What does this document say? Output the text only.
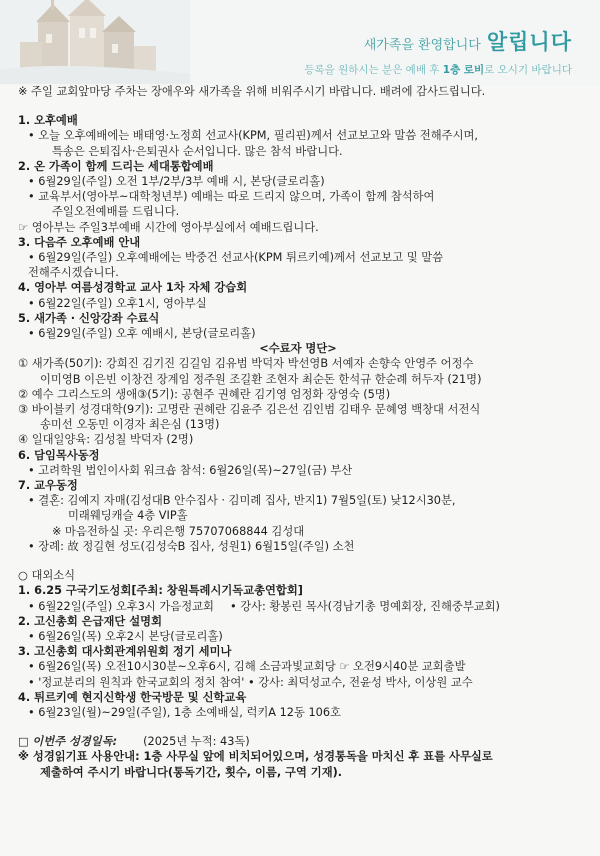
새가족을 환영합니다 알립니다
등록을 원하시는 분은 예배 후 1층 로비로 오시기 바랍니다
※ 주일 교회앞마당 주차는 장애우와 새가족을 위해 비워주시기 바랍니다. 배려에 감사드립니다.
1. 오후예배
• 오늘 오후예배에는 배태영·노정희 선교사(KPM, 필리핀)께서 선교보고와 말씀 전해주시며,
특송은 은퇴집사·은퇴권사 순서입니다. 많은 참석 바랍니다.
2. 온 가족이 함께 드리는 세대통합예배
• 6월29일(주일) 오전 1부/2부/3부 예배 시, 본당(글로리홀)
• 교육부서(영아부~대학청년부) 예배는 따로 드리지 않으며, 가족이 함께 참석하여
주일오전예배를 드립니다.
☞ 영아부는 주일3부예배 시간에 영아부실에서 예배드립니다.
3. 다음주 오후예배 안내
• 6월29일(주일) 오후예배에는 박중건 선교사(KPM 튀르키예)께서 선교보고 및 말씀
전해주시겠습니다.
4. 영아부 여름성경학교 교사 1차 자체 강습회
• 6월22일(주일) 오후1시, 영아부실
5. 새가족 · 신앙강좌 수료식
• 6월29일(주일) 오후 예배시, 본당(글로리홀)
<수료자 명단>
① 새가족(50기): 강희진 김기진 김길임 김유범 박덕자 박선영B 서예자 손향숙 안영주 어정수
이미영B 이은빈 이창건 장계임 정주원 조길환 조현자 최순돈 한석규 한순례 허두자 (21명)
② 예수 그리스도의 생애③(5기): 공현주 권혜란 김기영 엄정화 장영숙 (5명)
③ 바이블키 성경대학(9기): 고명란 권혜란 김윤주 김은선 김인범 김태우 문혜영 백창대 서전식
송미선 오동민 이경자 최은심 (13명)
④ 일대일양육: 김성칠 박덕자 (2명)
6. 담임목사동정
• 고려학원 법인이사회 워크숍 참석: 6월26일(목)~27일(금) 부산
7. 교우동정
• 결혼: 김예지 자매(김성대B 안수집사 · 김미례 집사, 반지1) 7월5일(토) 낮12시30분,
미래웨딩캐슬 4층 VIP홀
※ 마음전하실 곳: 우리은행 75707068844 김성대
• 장례: 故 정길현 성도(김성숙B 집사, 성원1) 6월15일(주일) 소천
○ 대외소식
1. 6.25 구국기도성회[주최: 창원특례시기독교총연합회]
• 6월22일(주일) 오후3시 가음정교회 • 강사: 황봉린 목사(경남기총 명예회장, 진해중부교회)
2. 고신총회 은급재단 설명회
• 6월26일(목) 오후2시 본당(글로리홀)
3. 고신총회 대사회관계위원회 정기 세미나
• 6월26일(목) 오전10시30분~오후6시, 김해 소금과빛교회당 ☞ 오전9시40분 교회출발
• '정교분리의 원칙과 한국교회의 정치 참여' • 강사: 최덕성교수, 전윤성 박사, 이상원 교수
4. 튀르키예 현지신학생 한국방문 및 신학교육
• 6월23일(월)~29일(주일), 1층 소예배실, 럭키A 12동 106호
□ 이번주 성경일독: (2025년 누적: 43독)
※ 성경읽기표 사용안내: 1층 사무실 앞에 비치되어있으며, 성경통독을 마치신 후 표를 사무실로
제출하여 주시기 바랍니다(통독기간, 횟수, 이름, 구역 기재).
